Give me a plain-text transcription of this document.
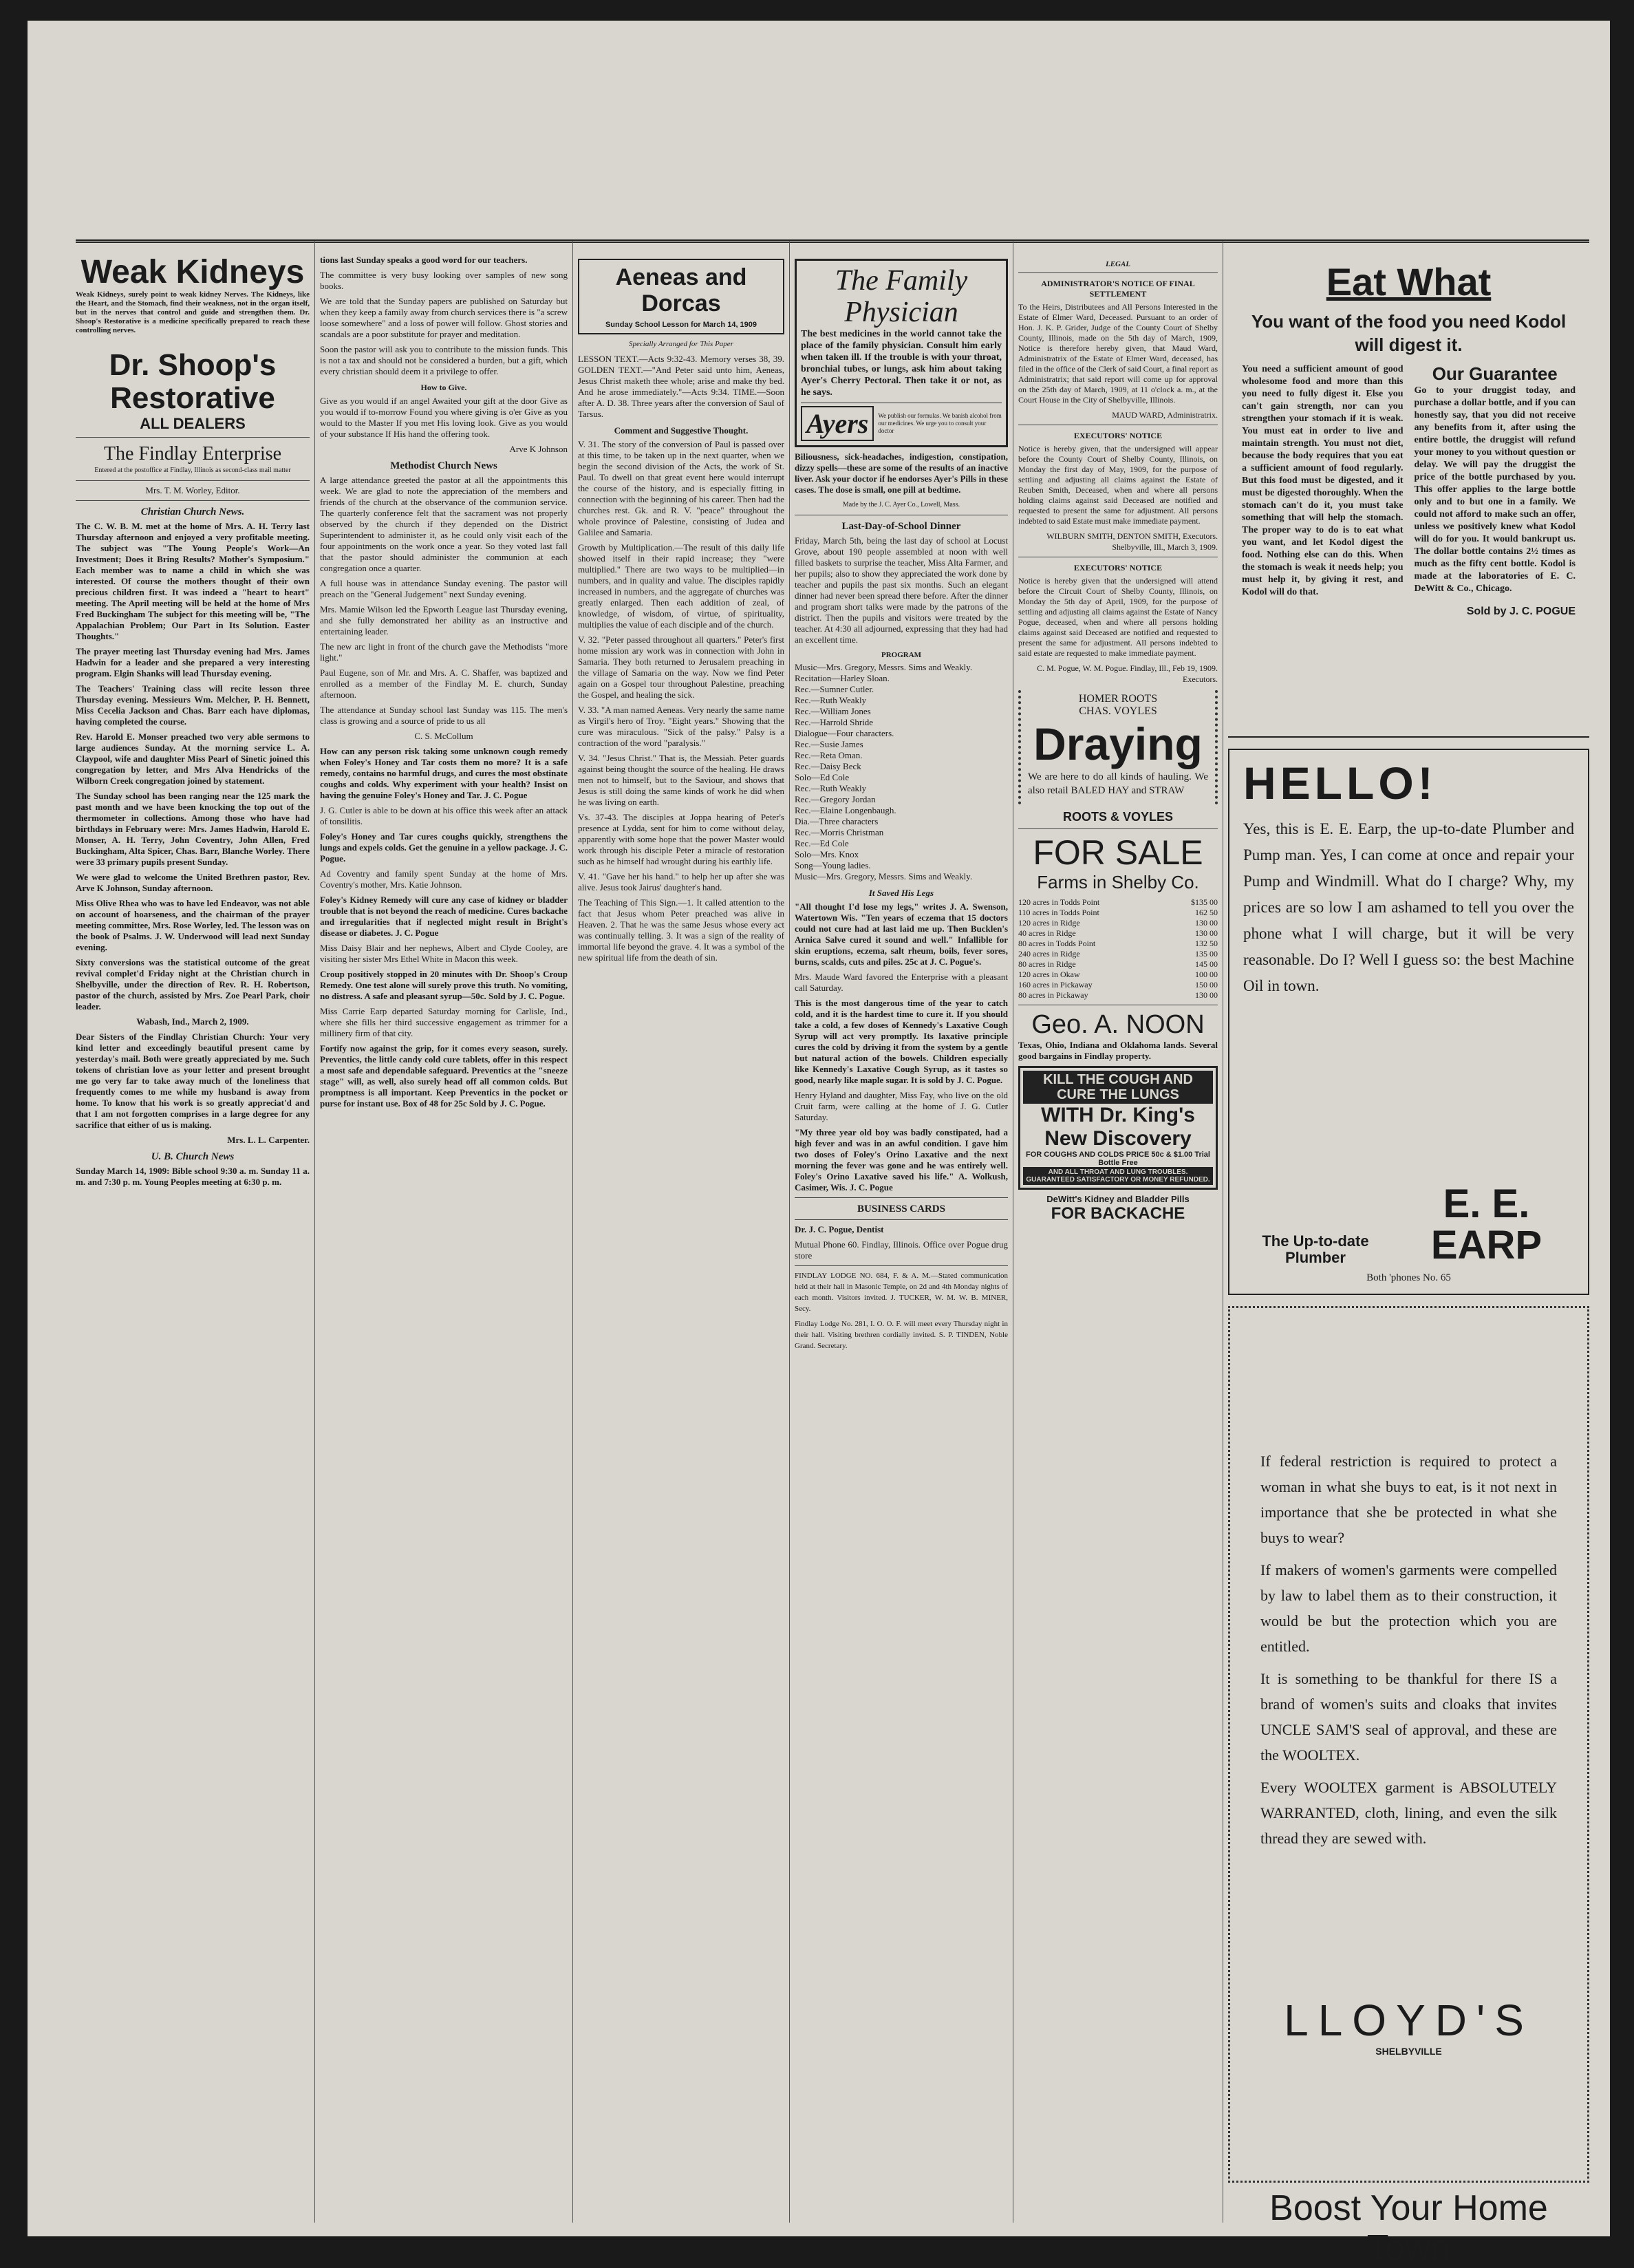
Weak Kidneys

Weak Kidneys, surely point to weak kidney Nerves. The Kidneys, like the Heart, and the Stomach, find their weakness, not in the organ itself, but in the nerves that control and guide and strengthen them. Dr. Shoop's Restorative is a medicine specifically prepared to reach these controlling nerves.

Dr. Shoop's Restorative
ALL DEALERS
The Findlay Enterprise

Entered at the postoffice at Findlay, Illinois as second-class mail matter

Mrs. T. M. Worley, Editor.

Christian Church News.

The C. W. B. M. met at the home of Mrs. A. H. Terry last Thursday afternoon and enjoyed a very profitable meeting. The subject was "The Young People's Work—An Investment; Does it Bring Results? Mother's Symposium." Each member was to name a child in which she was interested. Of course the mothers thought of their own precious children first. It was indeed a "heart to heart" meeting. The April meeting will be held at the home of Mrs Fred Buckingham The subject for this meeting will be, "The Appalachian Problem; Our Part in Its Solution. Easter Thoughts."

The prayer meeting last Thursday evening had Mrs. James Hadwin for a leader and she prepared a very interesting program. Elgin Shanks will lead Thursday evening.

The Teachers' Training class will recite lesson three Thursday evening. Messieurs Wm. Melcher, P. H. Bennett, Miss Cecelia Jackson and Chas. Barr each have diplomas, having completed the course.

Rev. Harold E. Monser preached two very able sermons to large audiences Sunday. At the morning service L. A. Claypool, wife and daughter Miss Pearl of Sinetic joined this congregation by letter, and Mrs Alva Hendricks of the Wilborn Creek congregation joined by statement.

The Sunday school has been ranging near the 125 mark the past month and we have been knocking the top out of the thermometer in collections. Among those who have had birthdays in February were: Mrs. James Hadwin, Harold E. Monser, A. H. Terry, John Coventry, John Allen, Fred Buckingham, Alta Spicer, Chas. Barr, Blanche Worley. There were 33 primary pupils present Sunday.

We were glad to welcome the United Brethren pastor, Rev. Arve K Johnson, Sunday afternoon.

Miss Olive Rhea who was to have led Endeavor, was not able on account of hoarseness, and the chairman of the prayer meeting committee, Mrs. Rose Worley, led. The lesson was on the book of Psalms. J. W. Underwood will lead next Sunday evening.

Sixty conversions was the statistical outcome of the great revival complet'd Friday night at the Christian church in Shelbyville, under the direction of Rev. R. H. Robertson, pastor of the church, assisted by Mrs. Zoe Pearl Park, choir leader.

Wabash, Ind., March 2, 1909.

Dear Sisters of the Findlay Christian Church: Your very kind letter and exceedingly beautiful present came by yesterday's mail. Both were greatly appreciated by me. Such tokens of christian love as your letter and present brought me go very far to take away much of the loneliness that frequently comes to me while my husband is away from home. To know that his work is so greatly appreciat'd and that I am not forgotten comprises in a large degree for any sacrifice that either of us is making.

Mrs. L. L. Carpenter.

U. B. Church News

Sunday March 14, 1909: Bible school 9:30 a. m. Sunday 11 a. m. and 7:30 p. m. Young Peoples meeting at 6:30 p. m.

tions last Sunday speaks a good word for our teachers.

The committee is very busy looking over samples of new song books.

We are told that the Sunday papers are published on Saturday but when they keep a family away from church services there is "a screw loose somewhere" and a loss of power will follow. Ghost stories and scandals are a poor substitute for prayer and meditation.

Soon the pastor will ask you to contribute to the mission funds. This is not a tax and should not be considered a burden, but a gift, which every christian should deem it a privilege to offer.

How to Give.

Give as you would if an angel Awaited your gift at the door Give as you would if to-morrow Found you where giving is o'er Give as you would to the Master If you met His loving look. Give as you would of your substance If His hand the offering took.

Arve K Johnson

Methodist Church News

A large attendance greeted the pastor at all the appointments this week. We are glad to note the appreciation of the members and friends of the church at the observance of the communion service. The quarterly conference felt that the sacrament was not properly observed by the church if they depended on the District Superintendent to administer it, as he could only visit each of the four appointments on the work once a year. So they voted last fall that the pastor should administer the communion at each congregation once a quarter.

A full house was in attendance Sunday evening. The pastor will preach on the "General Judgement" next Sunday evening.

Mrs. Mamie Wilson led the Epworth League last Thursday evening, and she fully demonstrated her ability as an instructive and entertaining leader.

The new arc light in front of the church gave the Methodists "more light."

Paul Eugene, son of Mr. and Mrs. A. C. Shaffer, was baptized and enrolled as a member of the Findlay M. E. church, Sunday afternoon.

The attendance at Sunday school last Sunday was 115. The men's class is growing and a source of pride to us all

C. S. McCollum

How can any person risk taking some unknown cough remedy when Foley's Honey and Tar costs them no more? It is a safe remedy, contains no harmful drugs, and cures the most obstinate coughs and colds. Why experiment with your health? Insist on having the genuine Foley's Honey and Tar. J. C. Pogue

J. G. Cutler is able to be down at his office this week after an attack of tonsilitis.

Foley's Honey and Tar cures coughs quickly, strengthens the lungs and expels colds. Get the genuine in a yellow package. J. C. Pogue.

Ad Coventry and family spent Sunday at the home of Mrs. Coventry's mother, Mrs. Katie Johnson.

Foley's Kidney Remedy will cure any case of kidney or bladder trouble that is not beyond the reach of medicine. Cures backache and irregularities that if neglected might result in Bright's disease or diabetes. J. C. Pogue

Miss Daisy Blair and her nephews, Albert and Clyde Cooley, are visiting her sister Mrs Ethel White in Macon this week.

Croup positively stopped in 20 minutes with Dr. Shoop's Croup Remedy. One test alone will surely prove this truth. No vomiting, no distress. A safe and pleasant syrup—50c. Sold by J. C. Pogue.

Miss Carrie Earp departed Saturday morning for Carlisle, Ind., where she fills her third successive engagement as trimmer for a millinery firm of that city.

Fortify now against the grip, for it comes every season, surely. Preventics, the little candy cold cure tablets, offer in this respect a most safe and dependable safeguard. Preventics at the "sneeze stage" will, as well, also surely head off all common colds. But promptness is all important. Keep Preventics in the pocket or purse for instant use. Box of 48 for 25c Sold by J. C. Pogue.

Aeneas and Dorcas
Sunday School Lesson for March 14, 1909

Specially Arranged for This Paper

LESSON TEXT.—Acts 9:32-43. Memory verses 38, 39. GOLDEN TEXT.—"And Peter said unto him, Aeneas, Jesus Christ maketh thee whole; arise and make thy bed. And he arose immediately."—Acts 9:34. TIME.—Soon after A. D. 38. Three years after the conversion of Saul of Tarsus.

Comment and Suggestive Thought.

V. 31. The story of the conversion of Paul is passed over at this time, to be taken up in the next quarter, when we begin the second division of the Acts, the work of St. Paul. To dwell on that great event here would interrupt the course of the history, and is especially fitting in connection with the beginning of his career. Then had the churches rest. Gk. and R. V. "peace" throughout the whole province of Palestine, consisting of Judea and Galilee and Samaria.

Growth by Multiplication.—The result of this daily life showed itself in their rapid increase; they "were multiplied." There are two ways to be multiplied—in numbers, and in quality and value. The disciples rapidly increased in numbers, and the aggregate of churches was greatly enlarged. Then each addition of zeal, of knowledge, of wisdom, of virtue, of spirituality, multiplies the value of each disciple and of the church.

V. 32. "Peter passed throughout all quarters." Peter's first home mission ary work was in connection with John in Samaria. They both returned to Jerusalem preaching in the village of Samaria on the way. Now we find Peter again on a Gospel tour throughout Palestine, preaching the Gospel, and healing the sick.

V. 33. "A man named Aeneas. Very nearly the same name as Virgil's hero of Troy. "Eight years." Showing that the cure was miraculous. "Sick of the palsy." Palsy is a contraction of the word "paralysis."

V. 34. "Jesus Christ." That is, the Messiah. Peter guards against being thought the source of the healing. He draws men not to himself, but to the Saviour, and shows that Jesus is still doing the same kinds of work he did when he was living on earth.

Vs. 37-43. The disciples at Joppa hearing of Peter's presence at Lydda, sent for him to come without delay, apparently with some hope that the power Master would work through his disciple Peter a miracle of restoration such as he himself had wrought during his earthly life.

V. 41. "Gave her his hand." to help her up after she was alive. Jesus took Jairus' daughter's hand.

The Teaching of This Sign.—1. It called attention to the fact that Jesus whom Peter preached was alive in Heaven. 2. That he was the same Jesus whose every act was continually telling. 3. It was a sign of the reality of immortal life beyond the grave. 4. It was a symbol of the new spiritual life from the death of sin.

The Family Physician

The best medicines in the world cannot take the place of the family physician. Consult him early when taken ill. If the trouble is with your throat, bronchial tubes, or lungs, ask him about taking Ayer's Cherry Pectoral. Then take it or not, as he says.

Ayers	We publish our formulas. We banish alcohol from our medicines. We urge you to consult your doctor

Biliousness, sick-headaches, indigestion, constipation, dizzy spells—these are some of the results of an inactive liver. Ask your doctor if he endorses Ayer's Pills in these cases. The dose is small, one pill at bedtime.

Made by the J. C. Ayer Co., Lowell, Mass.

Last-Day-of-School Dinner

Friday, March 5th, being the last day of school at Locust Grove, about 190 people assembled at noon with well filled baskets to surprise the teacher, Miss Alta Farmer, and her pupils; also to show they appreciated the work done by teacher and pupils the past six months. Such an elegant dinner had never been spread there before. After the dinner and program short talks were made by the patrons of the district. Then the pupils and visitors were treated by the teacher. At 4:30 all adjourned, expressing that they had had an excellent time.

PROGRAM
Music—Mrs. Gregory, Messrs. Sims and Weakly.
Recitation—Harley Sloan.
Rec.—Sumner Cutler.
Rec.—Ruth Weakly
Rec.—William Jones
Rec.—Harrold Shride
Dialogue—Four characters.
Rec.—Susie James
Rec.—Reta Oman.
Rec.—Daisy Beck
Solo—Ed Cole
Rec.—Ruth Weakly
Rec.—Gregory Jordan
Rec.—Elaine Longenbaugh.
Dia.—Three characters
Rec.—Morris Christman
Rec.—Ed Cole
Solo—Mrs. Knox
Song—Young ladies.
Music—Mrs. Gregory, Messrs. Sims and Weakly.
It Saved His Legs

"All thought I'd lose my legs," writes J. A. Swenson, Watertown Wis. "Ten years of eczema that 15 doctors could not cure had at last laid me up. Then Bucklen's Arnica Salve cured it sound and well." Infallible for skin eruptions, eczema, salt rheum, boils, fever sores, burns, scalds, cuts and piles. 25c at J. C. Pogue's.

Mrs. Maude Ward favored the Enterprise with a pleasant call Saturday.

This is the most dangerous time of the year to catch cold, and it is the hardest time to cure it. If you should take a cold, a few doses of Kennedy's Laxative Cough Syrup will act very promptly. Its laxative principle cures the cold by driving it from the system by a gentle but natural action of the bowels. Children especially like Kennedy's Laxative Cough Syrup, as it tastes so good, nearly like maple sugar. It is sold by J. C. Pogue.

Henry Hyland and daughter, Miss Fay, who live on the old Cruit farm, were calling at the home of J. G. Cutler Saturday.

"My three year old boy was badly constipated, had a high fever and was in an awful condition. I gave him two doses of Foley's Orino Laxative and the next morning the fever was gone and he was entirely well. Foley's Orino Laxative saved his life." A. Wolkush, Casimer, Wis. J. C. Pogue

BUSINESS CARDS

Dr. J. C. Pogue, Dentist

Mutual Phone 60. Findlay, Illinois. Office over Pogue drug store

FINDLAY LODGE NO. 684, F. & A. M.—Stated communication held at their hall in Masonic Temple, on 2d and 4th Monday nights of each month. Visitors invited. J. TUCKER, W. M. W. B. MINER, Secy.

Findlay Lodge No. 281, I. O. O. F. will meet every Thursday night in their hall. Visiting brethren cordially invited. S. P. TINDEN, Noble Grand. Secretary.

LEGAL
ADMINISTRATOR'S NOTICE OF FINAL SETTLEMENT

To the Heirs, Distributees and All Persons Interested in the Estate of Elmer Ward, Deceased. Pursuant to an order of Hon. J. K. P. Grider, Judge of the County Court of Shelby County, Illinois, made on the 5th day of March, 1909, Notice is therefore hereby given, that Maud Ward, Administratrix of the Estate of Elmer Ward, deceased, has filed in the office of the Clerk of said Court, a final report as Administratrix; that said report will come up for approval on the 25th day of March, 1909, at 11 o'clock a. m., at the Court House in the City of Shelbyville, Illinois.

MAUD WARD, Administratrix.

EXECUTORS' NOTICE

Notice is hereby given, that the undersigned will appear before the County Court of Shelby County, Illinois, on Monday the first day of May, 1909, for the purpose of settling and adjusting all claims against the Estate of Reuben Smith, Deceased, when and where all persons holding claims against said Deceased are notified and requested to present the same for adjustment. All persons indebted to said Estate must make immediate payment.

WILBURN SMITH, DENTON SMITH, Executors. Shelbyville, Ill., March 3, 1909.

EXECUTORS' NOTICE

Notice is hereby given that the undersigned will attend before the Circuit Court of Shelby County, Illinois, on Monday the 5th day of April, 1909, for the purpose of settling and adjusting all claims against the Estate of Nancy Pogue, deceased, when and where all persons holding claims against said Deceased are notified and requested to present the same for adjustment. All persons indebted to said estate are requested to make immediate payment.

C. M. Pogue, W. M. Pogue. Findlay, Ill., Feb 19, 1909. Executors.

HOMER ROOTS
CHAS. VOYLES
Draying

We are here to do all kinds of hauling. We also retail BALED HAY and STRAW

ROOTS & VOYLES
FOR SALE
Farms in Shelby Co.
120 acres in Todds Point	$135 00
110 acres in Todds Point	162 50
120 acres in Ridge	130 00
40 acres in Ridge	130 00
80 acres in Todds Point	132 50
240 acres in Ridge	135 00
80 acres in Ridge	145 00
120 acres in Okaw	100 00
160 acres in Pickaway	150 00
80 acres in Pickaway	130 00
Geo. A. NOON

Texas, Ohio, Indiana and Oklahoma lands. Several good bargains in Findlay property.

KILL THE COUGH AND CURE THE LUNGS
WITH Dr. King's New Discovery
FOR COUGHS AND COLDS PRICE 50c & $1.00 Trial Bottle Free
AND ALL THROAT AND LUNG TROUBLES. GUARANTEED SATISFACTORY OR MONEY REFUNDED.
DeWitt's Kidney and Bladder Pills
FOR BACKACHE
Eat What
You want of the food you need Kodol will digest it.

You need a sufficient amount of good wholesome food and more than this you need to fully digest it. Else you can't gain strength, nor can you strengthen your stomach if it is weak. You must eat in order to live and maintain strength. You must not diet, because the body requires that you eat a sufficient amount of food regularly. But this food must be digested, and it must be digested thoroughly. When the stomach can't do it, you must take something that will help the stomach. The proper way to do is to eat what you want, and let Kodol digest the food. Nothing else can do this. When the stomach is weak it needs help; you must help it, by giving it rest, and Kodol will do that.

Our Guarantee

Go to your druggist today, and purchase a dollar bottle, and if you can honestly say, that you did not receive any benefits from it, after using the entire bottle, the druggist will refund your money to you without question or delay. We will pay the druggist the price of the bottle purchased by you. This offer applies to the large bottle only and to but one in a family. We could not afford to make such an offer, unless we positively knew what Kodol will do for you. It would bankrupt us. The dollar bottle contains 2½ times as much as the fifty cent bottle. Kodol is made at the laboratories of E. C. DeWitt & Co., Chicago.

Sold by J. C. POGUE
HELLO!

Yes, this is E. E. Earp, the up-to-date Plumber and Pump man. Yes, I can come at once and repair your Pump and Windmill. What do I charge? Why, my prices are so low I am ashamed to tell you over the phone what I will charge, but it will be very reasonable. Do I? Well I guess so: the best Machine Oil in town.

The Up-to-date Plumber
E. E. EARP
Both 'phones No. 65

If federal restriction is required to protect a woman in what she buys to eat, is it not next in importance that she be protected in what she buys to wear?

If makers of women's garments were compelled by law to label them as to their construction, it would be but the protection which you are entitled.

It is something to be thankful for there IS a brand of women's suits and cloaks that invites UNCLE SAM'S seal of approval, and these are the WOOLTEX.

Every WOOLTEX garment is ABSOLUTELY WARRANTED, cloth, lining, and even the silk thread they are sewed with.

LLOYD'S
SHELBYVILLE
Boost Your Home Town
